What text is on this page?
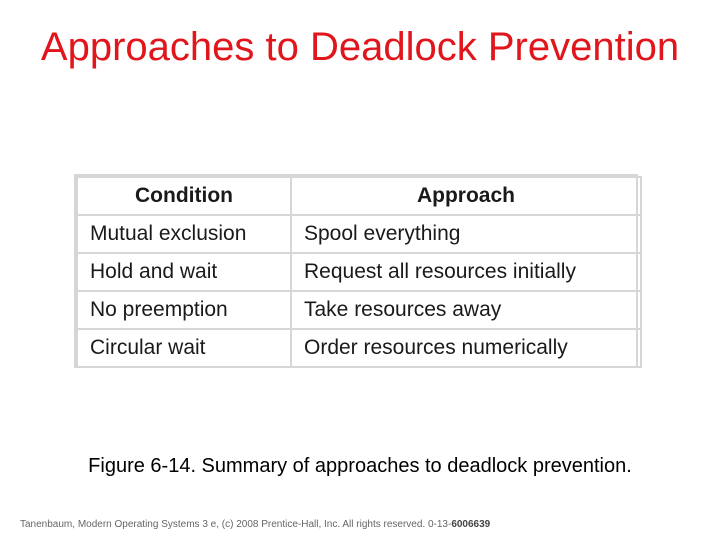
Approaches to Deadlock Prevention
Condition	Approach
Mutual exclusion	Spool everything
Hold and wait	Request all resources initially
No preemption	Take resources away
Circular wait	Order resources numerically
Figure 6-14. Summary of approaches to deadlock prevention.
Tanenbaum, Modern Operating Systems 3 e, (c) 2008 Prentice-Hall, Inc. All rights reserved. 0-13-6006639
